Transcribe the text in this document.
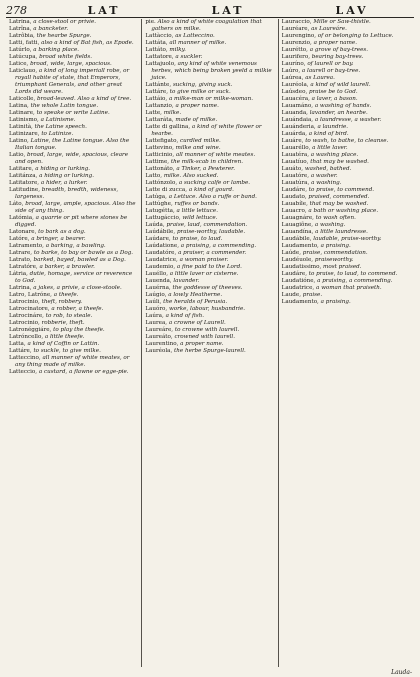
278	LAT	LAT	LAV

Latrîna, a close-stool or privie.

Latrîna, a bancketer.

Latrôbia, the hearbe Spurge.

Latti, fatti, also a kind of Bat fish, as Epode.

Latúrlo, a barking place.

Latúcupa, broad white fields.

Latice, broad, wide, large, spacious.

Laticlauo, a kind of long imperiall robe, or royall habite of state, that Emperors, triumphant Generals, and other great Lords did weare.

Laticolle, broad-leaved. Also a kind of tree.

Latina, the whole Latin tongue.

Latinare, to speake or write Latine.

Latinismo, a Latinisme.

Latinità, the Latine speech.

Latinizare, to Latinize.

Latino, Latine, the Latine tongue. Also the Italian tongue.

Latio, broad, large, wide, spacious, cleare and open.

Latitare, a hiding or lurking.

Latitánza, a hiding or lurking.

Latitatore, a hider, a lurker.

Latitudine, breadth, bredth, wideness, largeness.

Láto, broad, large, ample, spacious. Also the side of any thing.

Latómia, a quarrie or pit where stones be digged.

Latonare, to bark as a dog.

Latóre, a bringer, a bearer.

Latramento, a barking, a bawling.

Latrare, to barke, to bay or bawle as a Dog.

Latrato, barked, bayed, bawled as a Dog.

Latratóre, a barker, a brawler.

Látria, dutie, homage, service or reverence to God.

Latrina, a jakes, a privie, a close-stoole.

Latro, Latróne, a theefe.

Latrocinio, theft, robbery.

Latrocinatore, a robber, a theefe.

Latrocináre, to rob, to steale.

Latrocinio, robberie, theft.

Latronéggiáre, to play the theefe.

Latróncello, a little theefe.

Latta, a kind of Coffin or Lattin.

Lattáre, to suckle, to give milke.

Latteccino, all manner of white meates, or any thing made of milke.

Latteccio, a custard, a flawne or egge-pie.

pie. Also a kind of white coagulation that gathers on milke.

Lattàccio, as Latteccino.

Lattáta, all manner of milke.

Lattáto, milky.

Lattatore, a suckler.

Lattajuolo, any kind of white venemous herbes, which being broken yeeld a milkie juice.

Lattánte, sucking, giving suck.

Lattáre, to give milke or suck.

Lattáio, a milke-man or milke-woman.

Lattanzio, a proper name.

Latte, milke.

Lattaráta, made of milke.

Latte di gallina, a kind of white flower or hearbe.

Lattefigato, curdled milke.

Lattevino, milke and wine.

Latticinio, all manner of white meates.

Lattime, the milk-scab in children.

Lattonáto, a Tinker, a Pewterer.

Latto, milke. Also sucked.

Lattónzolo, a sucking calfe or lambe.

Latte di zucca, a kind of gourd.

Latúga, a Lettuce. Also a ruffe or band.

Lattúghe, ruffes or bands.

Latugétta, a little lettuce.

Lattugáccio, wild lettuce.

Laúda, praise, laud, commendation.

Laúdábile, praise-worthy, laudable.

Laúdare, to praise, to laud.

Laúdatione, a praising, a commending.

Laudatóre, a praiser, a commender.

Laudatrice, a woman praiser.

Laudemio, a fine paid to the Lord.

Lauéllo, a little laver or cisterne.

Lauenda, lavander.

Lauérna, the goddesse of theeves.

Laúgio, a lowly Heatherne.

Laúli, the heralds of Perusia.

Lauóro, worke, labour, husbandrie.

Laúra, a kind of fish.

Laurea, a crowne of Laurell.

Laureáre, to crowne with laurell.

Laureáto, crowned with laurell.

Laurentino, a proper name.

Lauréola, the herbe Spurge-laurell.

Lauraccio, Mille or Saw-thistle.

Lauréare, as Laureáre.

Laurengino, of or belonging to Lettuce.

Laurenzio, a proper name.

Laurétto, a grove of bay-trees.

Laurifero, bearing bay-trees.

Lauríno, of laurell or bay.

Laúro, a laurell or bay-tree.

Laúrea, as Laurea.

Lauréola, a kind of wild laurell.

Laúsdeo, praise be to God.

Lauacéra, a laver, a bason.

Lauamáno, a washing of hands.

Lauanda, lavander, an hearbe.

Lauándaia, a laundresse, a washer.

Lauánderia, a laundrie.

Lauárda, a kind of bird.

Lauáre, to wash, to bathe, to cleanse.

Lauaréllo, a little laver.

Lauatéra, a washing place.

Lauatíuo, that may be washed.

Lauáto, washed, bathed.

Lauatóre, a washer.

Lauatúra, a washing.

Laudáre, to praise, to commend.

Laudato, praised, commended.

Lauabíle, that may be washed.

Lauacro, a bath or washing place.

Lauagnáre, to wash often.

Lauagiõne, a washing.

Lauandína, a little laundresse.

Laudábile, laudable, praise-worthy.

Laudamento, a praising.

Laúde, praise, commendation.

Laudéuole, praiseworthy.

Laudatissimo, most praised.

Laudáre, to praise, to laud, to commend.

Laudatióne, a praising, a commending.

Laudatrice, a woman that praiseth.

Laude, praise.

Laudamento, a praising.

Lauda-
